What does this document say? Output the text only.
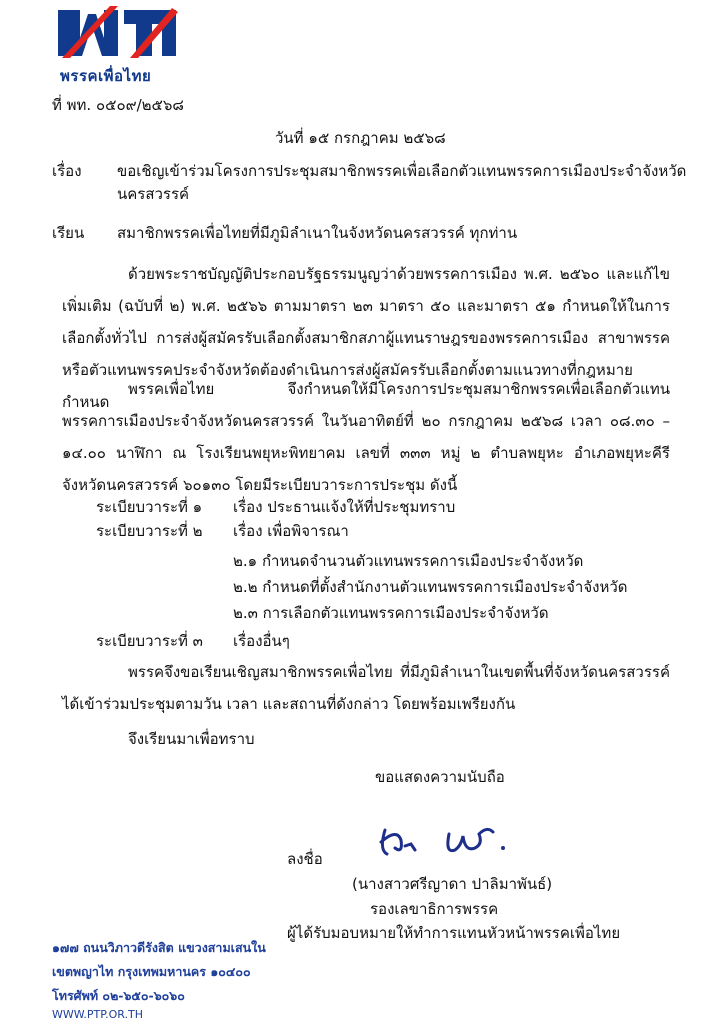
พรรคเพื่อไทย
ที่ พท. ๐๕๐๙/๒๕๖๘
วันที่ ๑๕ กรกฎาคม ๒๕๖๘
เรื่อง ขอเชิญเข้าร่วมโครงการประชุมสมาชิกพรรคเพื่อเลือกตัวแทนพรรคการเมืองประจำจังหวัด
นครสวรรค์
เรียน สมาชิกพรรคเพื่อไทยที่มีภูมิลำเนาในจังหวัดนครสวรรค์ ทุกท่าน
ด้วยพระราชบัญญัติประกอบรัฐธรรมนูญว่าด้วยพรรคการเมือง พ.ศ. ๒๕๖๐ และแก้ไขเพิ่มเติม (ฉบับที่ ๒) พ.ศ. ๒๕๖๖ ตามมาตรา ๒๓ มาตรา ๕๐ และมาตรา ๕๑ กำหนดให้ในการเลือกตั้งทั่วไป การส่งผู้สมัครรับเลือกตั้งสมาชิกสภาผู้แทนราษฎรของพรรคการเมือง สาขาพรรคหรือตัวแทนพรรคประจำจังหวัดต้องดำเนินการส่งผู้สมัครรับเลือกตั้งตามแนวทางที่กฎหมายกำหนด
พรรคเพื่อไทย จึงกำหนดให้มีโครงการประชุมสมาชิกพรรคเพื่อเลือกตัวแทนพรรคการเมืองประจำจังหวัดนครสวรรค์ ในวันอาทิตย์ที่ ๒๐ กรกฎาคม ๒๕๖๘ เวลา ๐๘.๓๐ – ๑๔.๐๐ นาฬิกา ณ โรงเรียนพยุหะพิทยาคม เลขที่ ๓๓๓ หมู่ ๒ ตำบลพยุหะ อำเภอพยุหะคีรี จังหวัดนครสวรรค์ ๖๐๑๓๐ โดยมีระเบียบวาระการประชุม ดังนี้
ระเบียบวาระที่ ๑ เรื่อง ประธานแจ้งให้ที่ประชุมทราบ
ระเบียบวาระที่ ๒ เรื่อง เพื่อพิจารณา
๒.๑ กำหนดจำนวนตัวแทนพรรคการเมืองประจำจังหวัด
๒.๒ กำหนดที่ตั้งสำนักงานตัวแทนพรรคการเมืองประจำจังหวัด
๒.๓ การเลือกตัวแทนพรรคการเมืองประจำจังหวัด
ระเบียบวาระที่ ๓ เรื่องอื่นๆ
พรรคจึงขอเรียนเชิญสมาชิกพรรคเพื่อไทย ที่มีภูมิลำเนาในเขตพื้นที่จังหวัดนครสวรรค์ได้เข้าร่วมประชุมตามวัน เวลา และสถานที่ดังกล่าว โดยพร้อมเพรียงกัน
จึงเรียนมาเพื่อทราบ
ขอแสดงความนับถือ
ลงชื่อ
(นางสาวศรีญาดา ปาลิมาพันธ์)
รองเลขาธิการพรรค
ผู้ได้รับมอบหมายให้ทำการแทนหัวหน้าพรรคเพื่อไทย
๑๗๗ ถนนวิภาวดีรังสิต แขวงสามเสนใน
เขตพญาไท กรุงเทพมหานคร ๑๐๔๐๐
โทรศัพท์ ๐๒-๖๕๐-๖๐๖๐
WWW.PTP.OR.TH
